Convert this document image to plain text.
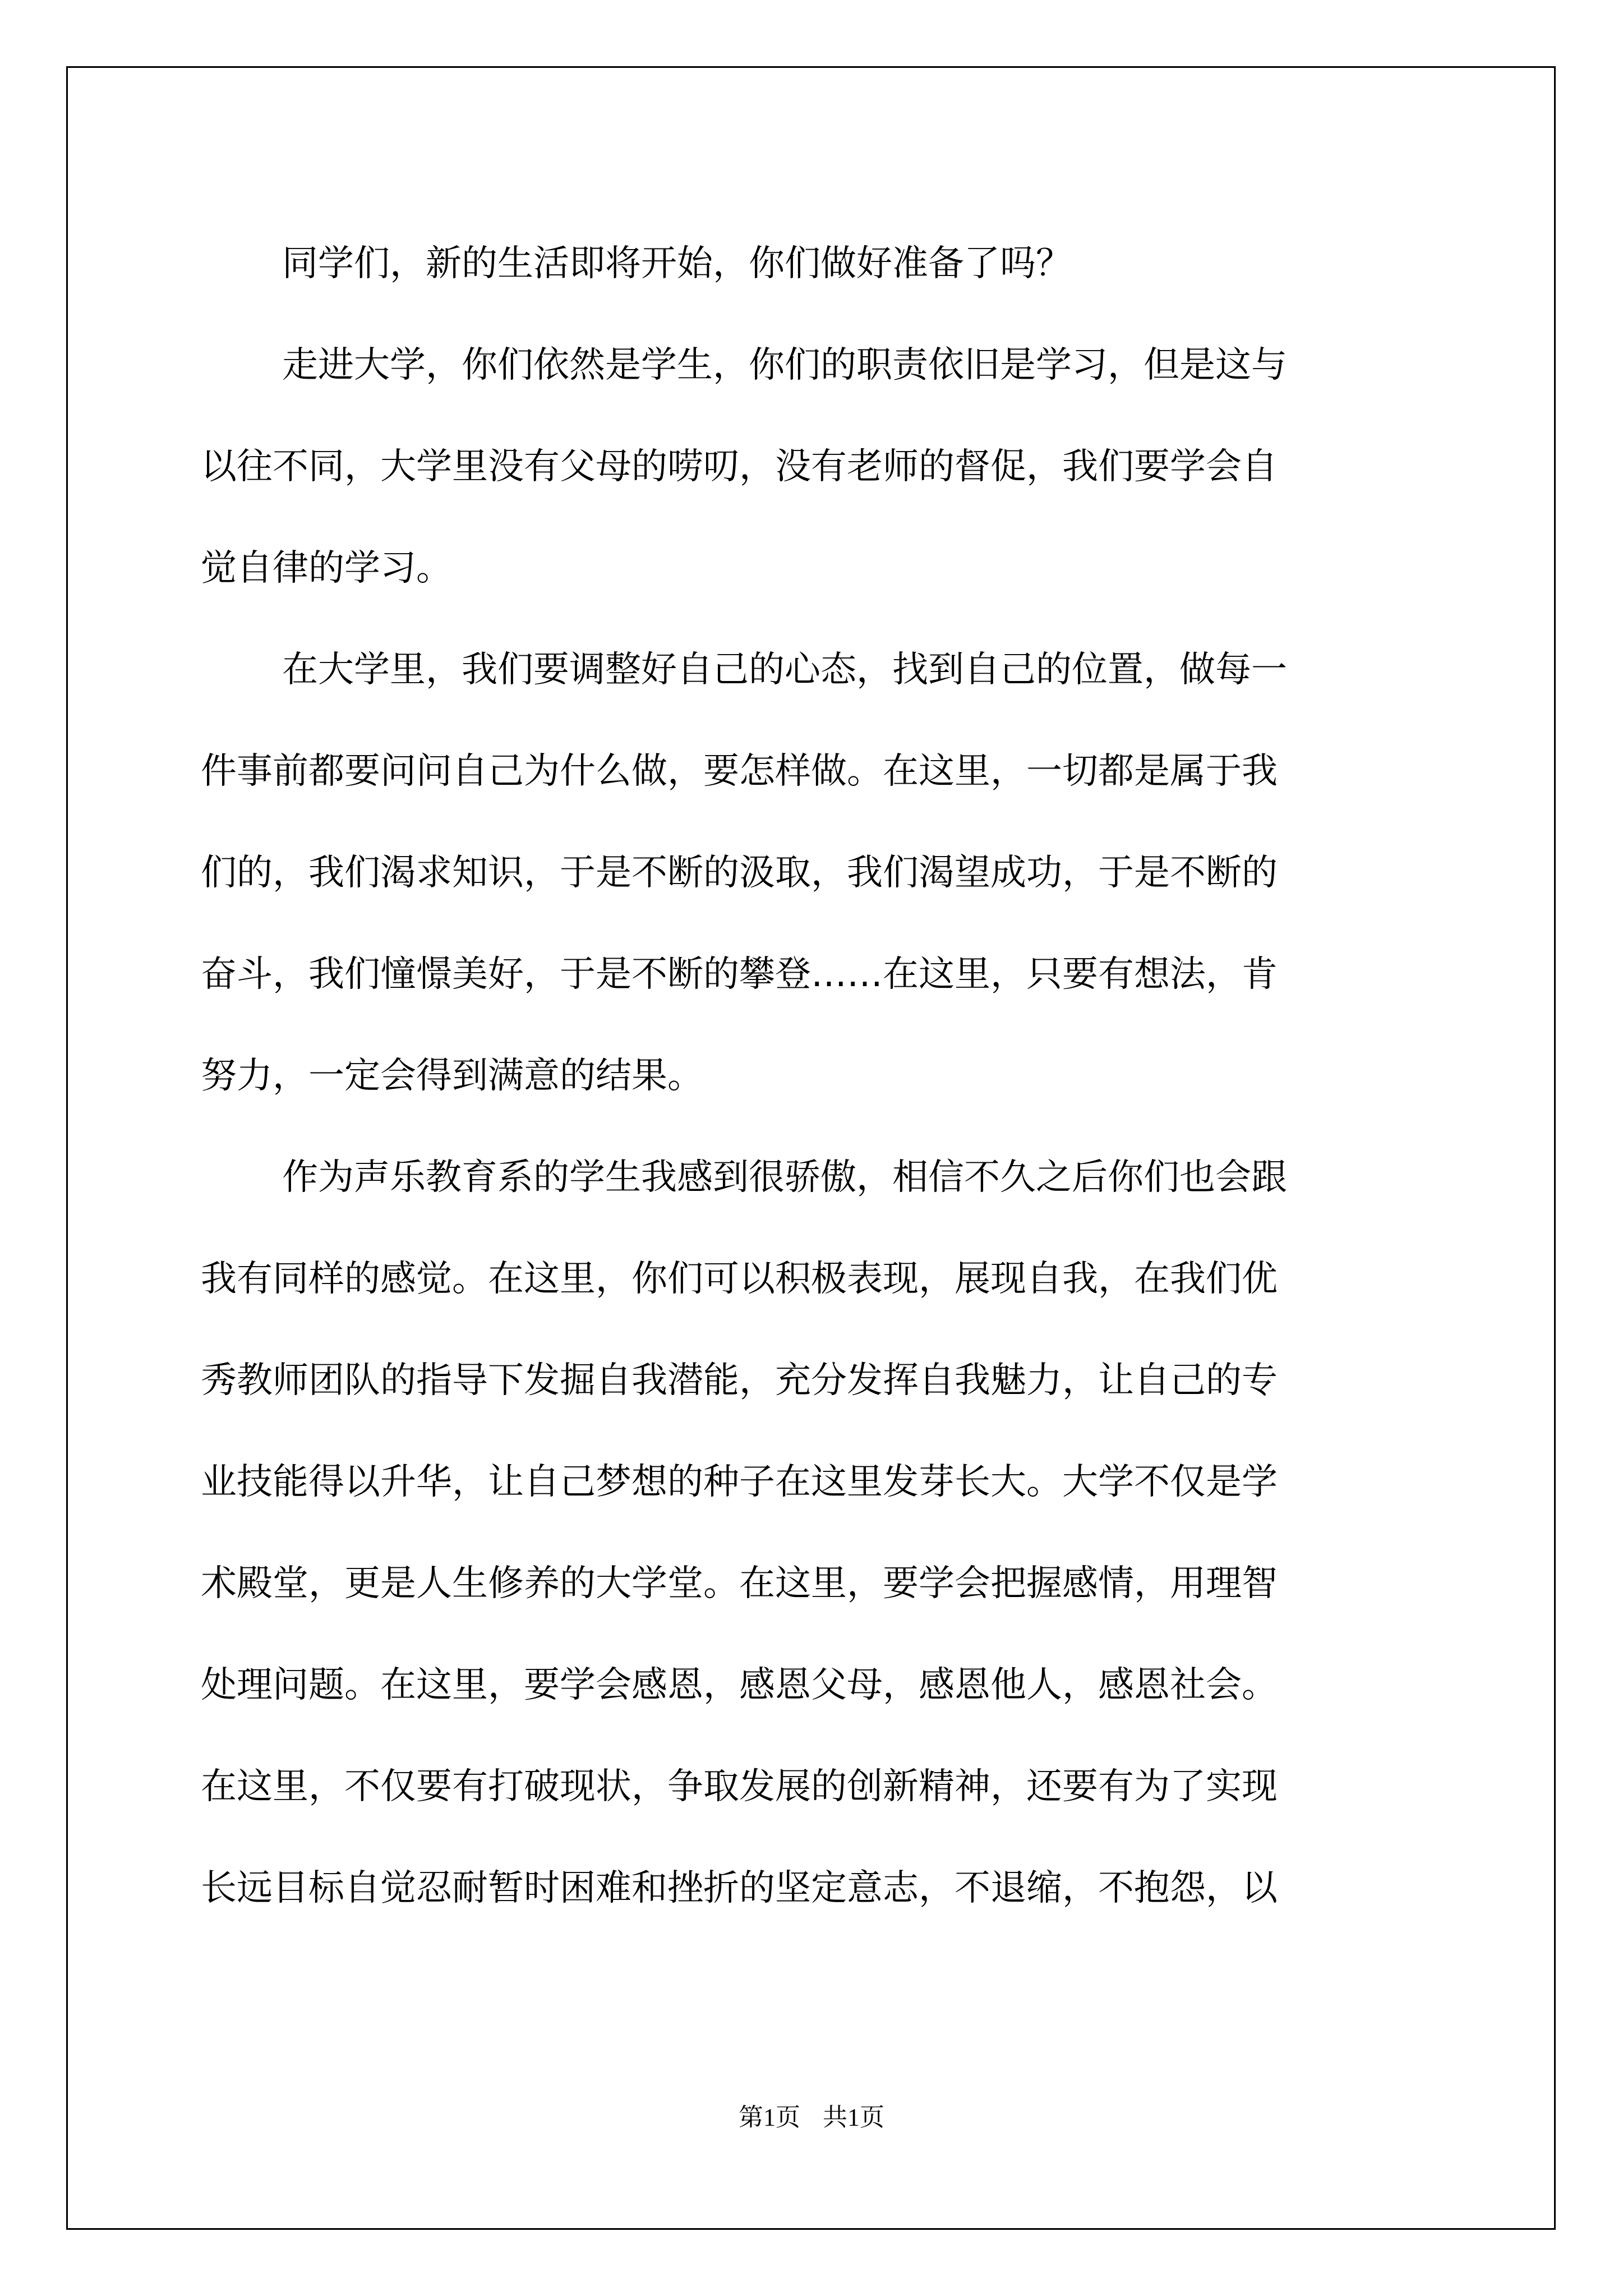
同学们，新的生活即将开始，你们做好准备了吗？
走进大学，你们依然是学生，你们的职责依旧是学习，但是这与
以往不同，大学里没有父母的唠叨，没有老师的督促，我们要学会自
觉自律的学习。
在大学里，我们要调整好自己的心态，找到自己的位置，做每一
件事前都要问问自己为什么做，要怎样做。在这里，一切都是属于我
们的，我们渴求知识，于是不断的汲取，我们渴望成功，于是不断的
奋斗，我们憧憬美好，于是不断的攀登……在这里，只要有想法，肯
努力，一定会得到满意的结果。
作为声乐教育系的学生我感到很骄傲，相信不久之后你们也会跟
我有同样的感觉。在这里，你们可以积极表现，展现自我，在我们优
秀教师团队的指导下发掘自我潜能，充分发挥自我魅力，让自己的专
业技能得以升华，让自己梦想的种子在这里发芽长大。大学不仅是学
术殿堂，更是人生修养的大学堂。在这里，要学会把握感情，用理智
处理问题。在这里，要学会感恩，感恩父母，感恩他人，感恩社会。
在这里，不仅要有打破现状，争取发展的创新精神，还要有为了实现
长远目标自觉忍耐暂时困难和挫折的坚定意志，不退缩，不抱怨，以
第1页 共1页
